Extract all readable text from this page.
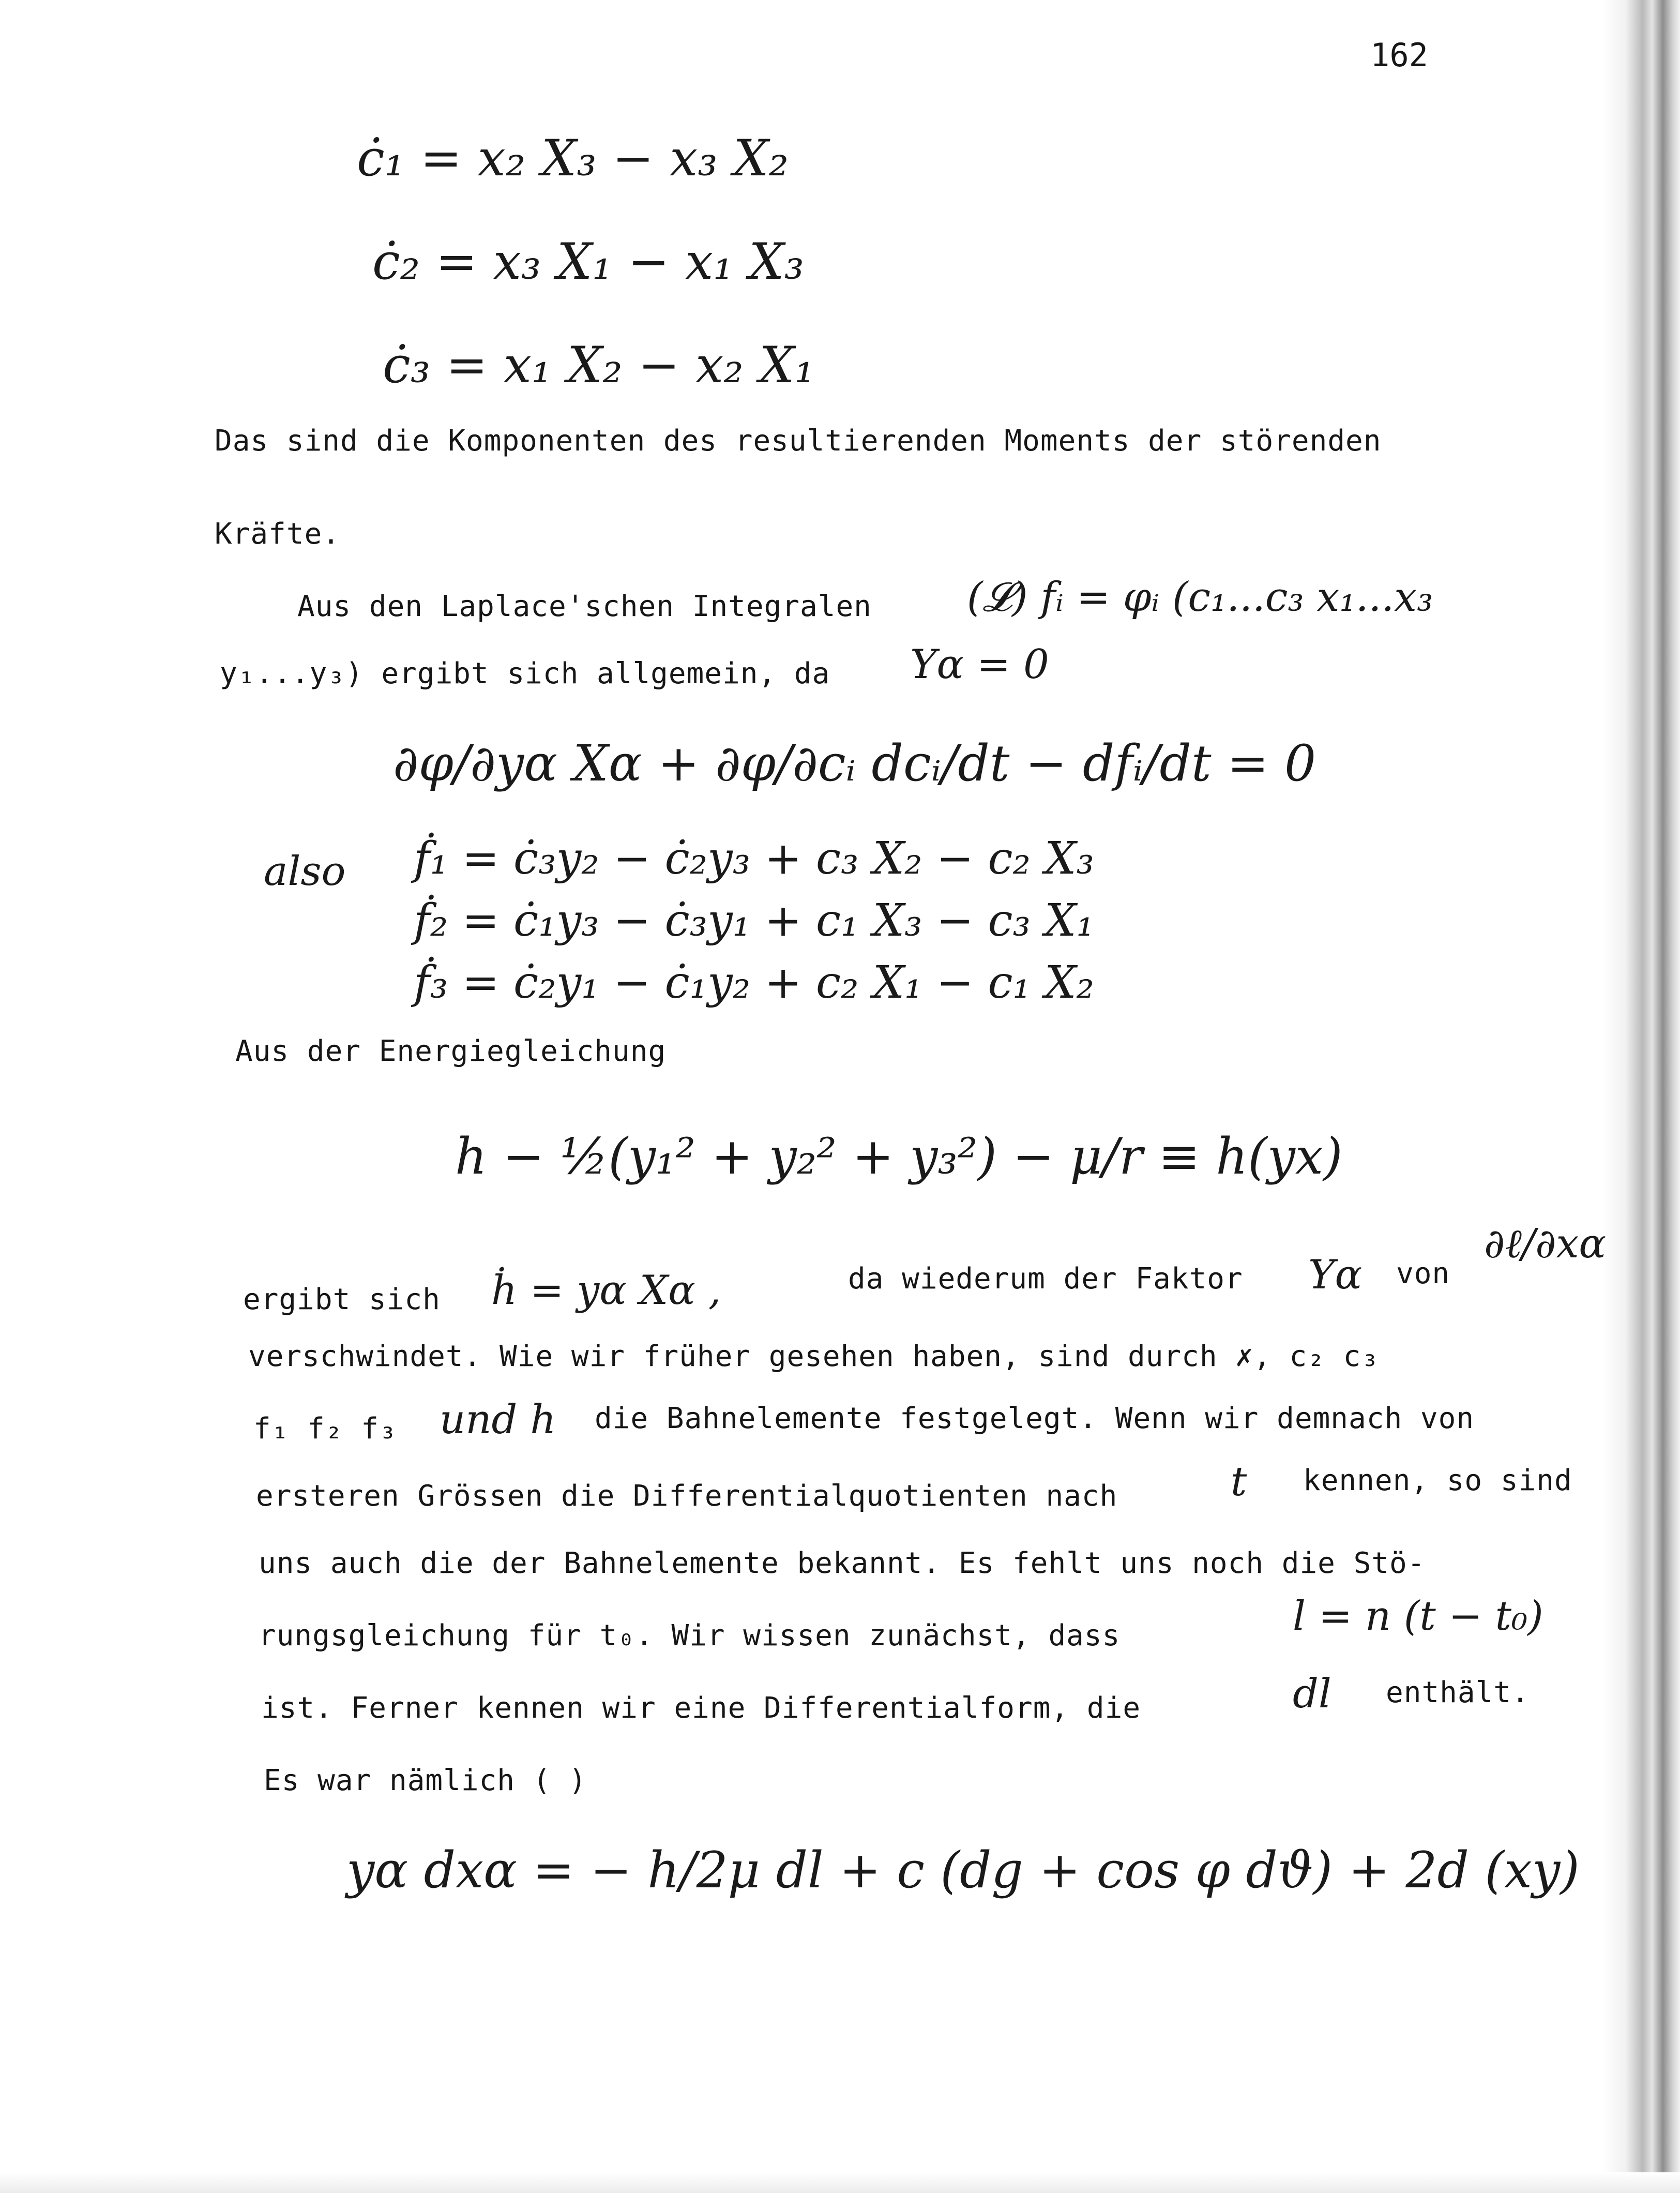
162
ċ₁ = x₂ X₃ − x₃ X₂
ċ₂ = x₃ X₁ − x₁ X₃
ċ₃ = x₁ X₂ − x₂ X₁
Das sind die Komponenten des resultierenden Moments der störenden
Kräfte.
Aus den Laplace'schen Integralen (𝓛) fᵢ = φᵢ (c₁...c₃ x₁...x₃
y₁...y₃) ergibt sich allgemein, da Yα = 0
∂φ/∂yα Xα + ∂φ/∂cᵢ dcᵢ/dt − dfᵢ/dt = 0
also ḟ₁ = ċ₃y₂ − ċ₂y₃ + c₃ X₂ − c₂ X₃
ḟ₂ = ċ₁y₃ − ċ₃y₁ + c₁ X₃ − c₃ X₁
ḟ₃ = ċ₂y₁ − ċ₁y₂ + c₂ X₁ − c₁ X₂
Aus der Energiegleichung
h − ½(y₁² + y₂² + y₃²) − μ/r ≡ h(yx)
ergibt sich ḣ = yα Xα ,	da wiederum der Faktor Yα von
∂ℓ/∂xα
verschwindet. Wie wir früher gesehen haben, sind durch ✗, c₂ c₃
f₁ f₂ f₃ und h die Bahnelemente festgelegt. Wenn wir demnach von
ersteren Grössen die Differentialquotienten nach	t kennen, so sind
uns auch die der Bahnelemente bekannt. Es fehlt uns noch die Stö-
rungsgleichung für t₀. Wir wissen zunächst, dass	l = n (t − t₀)
ist. Ferner kennen wir eine Differentialform, die	dl enthält.
Es war nämlich ( )
yα dxα = − h/2μ dl + c (dg + cos φ dϑ) + 2d (xy)
